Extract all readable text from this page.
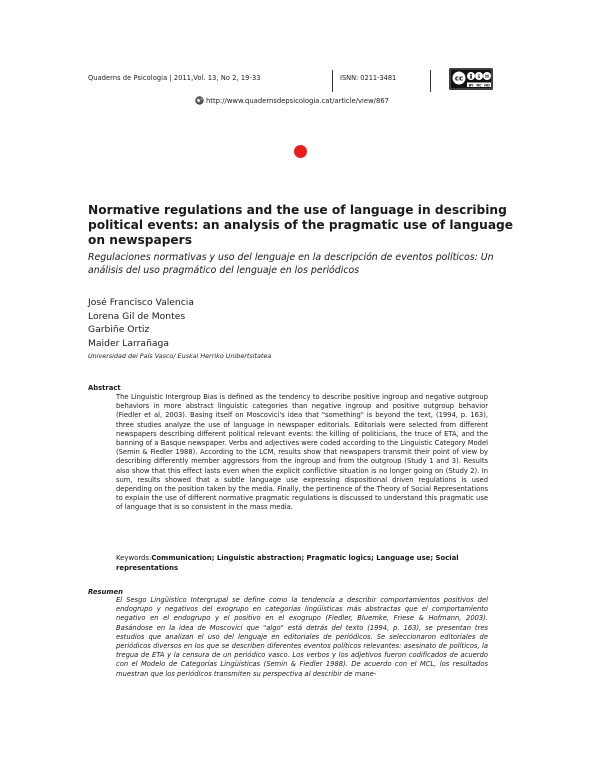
Quaderns de Psicologia | 2011,Vol. 13, No 2, 19-33	ISNN: 0211-3481	cc	$
BY NC ND
http://www.quadernsdepsicologia.cat/article/view/867
Normative regulations and the use of language in describing political events: an analysis of the pragmatic use of language on newspapers
Regulaciones normativas y uso del lenguaje en la descripción de eventos políticos: Un análisis del uso pragmático del lenguaje en los periódicos
José Francisco Valencia
Lorena Gil de Montes
Garbiñe Ortiz
Maider Larrañaga
Universidad del País Vasco/ Euskal Herriko Unibertsitatea
Abstract
The Linguistic Intergroup Bias is defined as the tendency to describe positive ingroup and negative outgroup behaviors in more abstract linguistic categories than negative ingroup and positive outgroup behavior (Fiedler et al, 2003). Basing itself on Moscovici's idea that "something" is beyond the text, (1994, p. 163), three studies analyze the use of language in newspaper editorials. Editorials were selected from different newspapers describing different political relevant events: the killing of politicians, the truce of ETA, and the banning of a Basque newspaper. Verbs and adjectives were coded according to the Linguistic Category Model (Semin & Fiedler 1988). According to the LCM, results show that newspapers transmit their point of view by describing differently member aggressors from the ingroup and from the outgroup (Study 1 and 3). Results also show that this effect lasts even when the explicit conflictive situation is no longer going on (Study 2). In sum, results showed that a subtle language use expressing dispositional driven regulations is used depending on the position taken by the media. Finally, the pertinence of the Theory of Social Representations to explain the use of different normative pragmatic regulations is discussed to understand this pragmatic use of language that is so consistent in the mass media.
Keywords:Communication; Linguistic abstraction; Pragmatic logics; Language use; Social representations
Resumen
El Sesgo Lingüístico Intergrupal se define como la tendencia a describir comportamientos positivos del endogrupo y negativos del exogrupo en categorías lingüísticas más abstractas que el comportamiento negativo en el endogrupo y el positivo en el exogrupo (Fiedler, Bluemke, Friese & Hofmann, 2003). Basándose en la idea de Moscovici que "algo" está detrás del texto (1994, p. 163), se presentan tres estudios que analizan el uso del lenguaje en editoriales de periódicos. Se seleccionaron editoriales de periódicos diversos en los que se describen diferentes eventos políticos relevantes: asesinato de políticos, la tregua de ETA y la censura de un periódico vasco. Los verbos y los adjetivos fueron codificados de acuerdo con el Modelo de Categorías Lingüísticas (Semin & Fiedler 1988). De acuerdo con el MCL, los resultados muestran que los periódicos transmiten su perspectiva al describir de mane-
